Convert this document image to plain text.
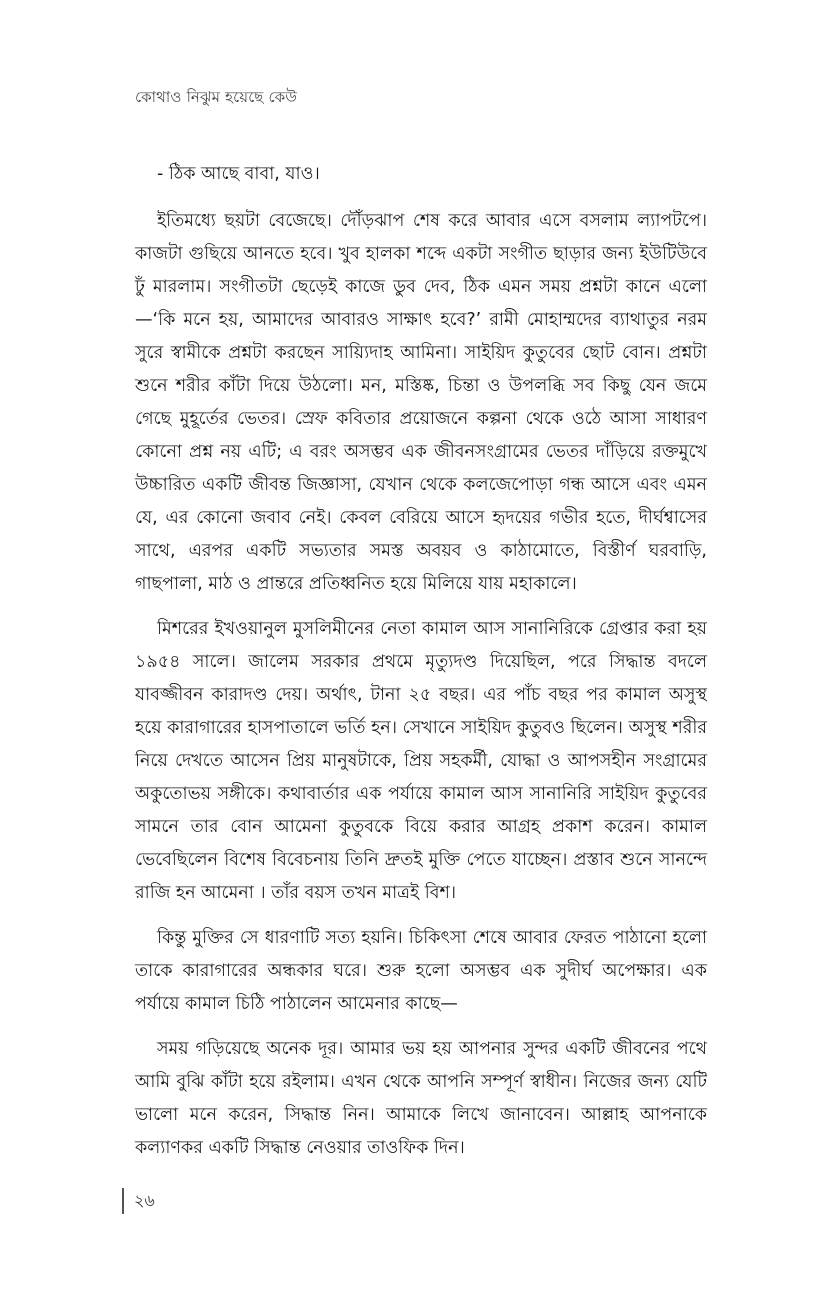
কোথাও নিঝুম হয়েছে কেউ

- ঠিক আছে বাবা, যাও।

ইতিমধ্যে ছয়টা বেজেছে। দৌঁড়ঝাপ শেষ করে আবার এসে বসলাম ল্যাপটপে। কাজটা গুছিয়ে আনতে হবে। খুব হালকা শব্দে একটা সংগীত ছাড়ার জন্য ইউটিউবে ঢুঁ মারলাম। সংগীতটা ছেড়েই কাজে ডুব দেব, ঠিক এমন সময় প্রশ্নটা কানে এলো—‘কি মনে হয়, আমাদের আবারও সাক্ষাৎ হবে?’ রামী মোহাম্মদের ব্যাথাতুর নরম সুরে স্বামীকে প্রশ্নটা করছেন সায়্যিদাহ আমিনা। সাইয়িদ কুতুবের ছোট বোন। প্রশ্নটা শুনে শরীর কাঁটা দিয়ে উঠলো। মন, মস্তিষ্ক, চিন্তা ও উপলব্ধি সব কিছু যেন জমে গেছে মুহূর্তের ভেতর। স্রেফ কবিতার প্রয়োজনে কল্পনা থেকে ওঠে আসা সাধারণ কোনো প্রশ্ন নয় এটি; এ বরং অসম্ভব এক জীবনসংগ্রামের ভেতর দাঁড়িয়ে রক্তমুখে উচ্চারিত একটি জীবন্ত জিজ্ঞাসা, যেখান থেকে কলজেপোড়া গন্ধ আসে এবং এমন যে, এর কোনো জবাব নেই। কেবল বেরিয়ে আসে হৃদয়ের গভীর হতে, দীর্ঘশ্বাসের সাথে, এরপর একটি সভ্যতার সমস্ত অবয়ব ও কাঠামোতে, বিস্তীর্ণ ঘরবাড়ি, গাছপালা, মাঠ ও প্রান্তরে প্রতিধ্বনিত হয়ে মিলিয়ে যায় মহাকালে।

মিশরের ইখওয়ানুল মুসলিমীনের নেতা কামাল আস সানানিরিকে গ্রেপ্তার করা হয় ১৯৫৪ সালে। জালেম সরকার প্রথমে মৃত্যুদণ্ড দিয়েছিল, পরে সিদ্ধান্ত বদলে যাবজ্জীবন কারাদণ্ড দেয়। অর্থাৎ, টানা ২৫ বছর। এর পাঁচ বছর পর কামাল অসুস্থ হয়ে কারাগারের হাসপাতালে ভর্তি হন। সেখানে সাইয়িদ কুতুবও ছিলেন। অসুস্থ শরীর নিয়ে দেখতে আসেন প্রিয় মানুষটাকে, প্রিয় সহকর্মী, যোদ্ধা ও আপসহীন সংগ্রামের অকুতোভয় সঙ্গীকে। কথাবার্তার এক পর্যায়ে কামাল আস সানানিরি সাইয়িদ কুতুবের সামনে তার বোন আমেনা কুতুবকে বিয়ে করার আগ্রহ প্রকাশ করেন। কামাল ভেবেছিলেন বিশেষ বিবেচনায় তিনি দ্রুতই মুক্তি পেতে যাচ্ছেন। প্রস্তাব শুনে সানন্দে রাজি হন আমেনা । তাঁর বয়স তখন মাত্রই বিশ।

কিন্তু মুক্তির সে ধারণাটি সত্য হয়নি। চিকিৎসা শেষে আবার ফেরত পাঠানো হলো তাকে কারাগারের অন্ধকার ঘরে। শুরু হলো অসম্ভব এক সুদীর্ঘ অপেক্ষার। এক পর্যায়ে কামাল চিঠি পাঠালেন আমেনার কাছে—

সময় গড়িয়েছে অনেক দূর। আমার ভয় হয় আপনার সুন্দর একটি জীবনের পথে আমি বুঝি কাঁটা হয়ে রইলাম। এখন থেকে আপনি সম্পূর্ণ স্বাধীন। নিজের জন্য যেটি ভালো মনে করেন, সিদ্ধান্ত নিন। আমাকে লিখে জানাবেন। আল্লাহ আপনাকে কল্যাণকর একটি সিদ্ধান্ত নেওয়ার তাওফিক দিন।

২৬
